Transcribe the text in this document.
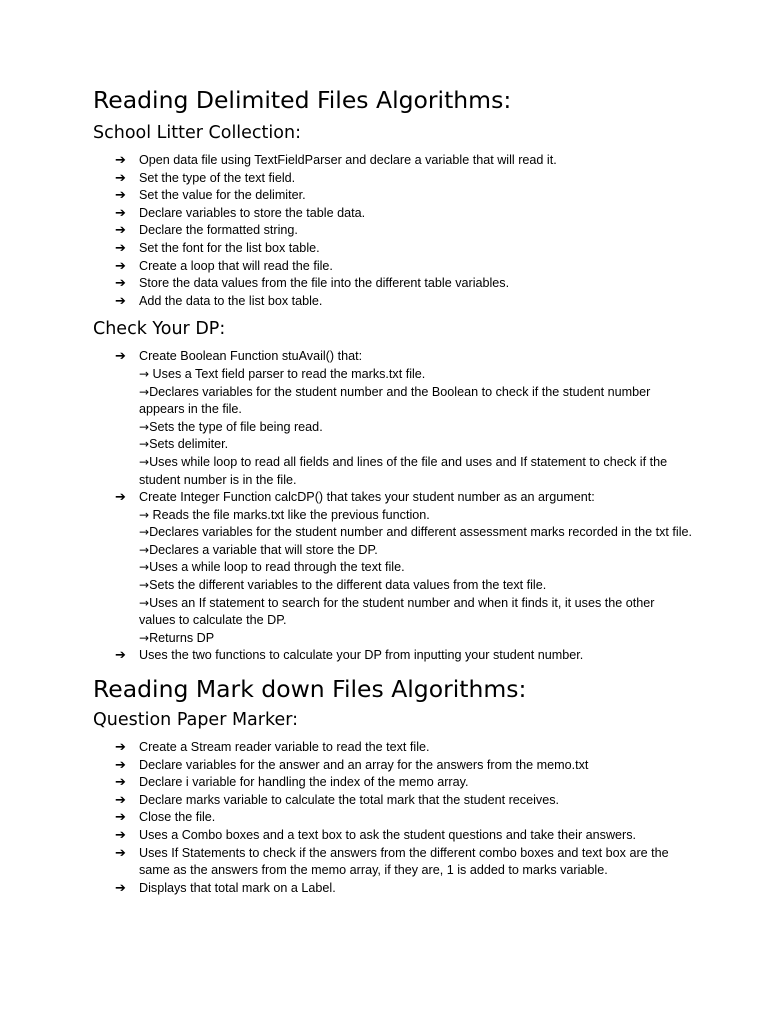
Reading Delimited Files Algorithms:
School Litter Collection:
➔ Open data file using TextFieldParser and declare a variable that will read it.
➔ Set the type of the text field.
➔ Set the value for the delimiter.
➔ Declare variables to store the table data.
➔ Declare the formatted string.
➔ Set the font for the list box table.
➔ Create a loop that will read the file.
➔ Store the data values from the file into the different table variables.
➔ Add the data to the list box table.
Check Your DP:
➔ Create Boolean Function stuAvail() that:
→ Uses a Text field parser to read the marks.txt file.
→Declares variables for the student number and the Boolean to check if the student number appears in the file.
→Sets the type of file being read.
→Sets delimiter.
→Uses while loop to read all fields and lines of the file and uses and If statement to check if the student number is in the file.
➔ Create Integer Function calcDP() that takes your student number as an argument:
→ Reads the file marks.txt like the previous function.
→Declares variables for the student number and different assessment marks recorded in the txt file.
→Declares a variable that will store the DP.
→Uses a while loop to read through the text file.
→Sets the different variables to the different data values from the text file.
→Uses an If statement to search for the student number and when it finds it, it uses the other values to calculate the DP.
→Returns DP
➔ Uses the two functions to calculate your DP from inputting your student number.
Reading Mark down Files Algorithms:
Question Paper Marker:
➔ Create a Stream reader variable to read the text file.
➔ Declare variables for the answer and an array for the answers from the memo.txt
➔ Declare i variable for handling the index of the memo array.
➔ Declare marks variable to calculate the total mark that the student receives.
➔ Close the file.
➔ Uses a Combo boxes and a text box to ask the student questions and take their answers.
➔ Uses If Statements to check if the answers from the different combo boxes and text box are the same as the answers from the memo array, if they are, 1 is added to marks variable.
➔ Displays that total mark on a Label.
